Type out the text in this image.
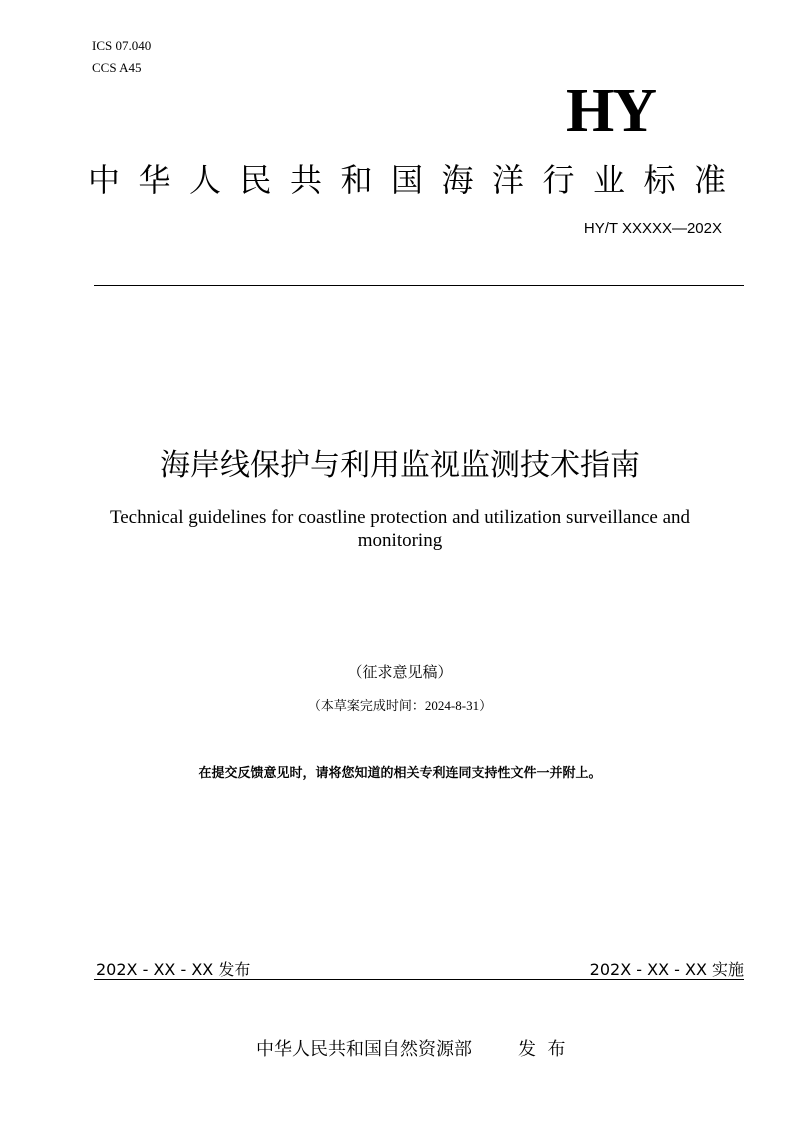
ICS 07.040
CCS A45
HY
中华人民共和国海洋行业标准
HY/T XXXXX—202X
海岸线保护与利用监视监测技术指南
Technical guidelines for coastline protection and utilization surveillance and
monitoring
（征求意见稿）
（本草案完成时间：2024-8-31）
在提交反馈意见时，请将您知道的相关专利连同支持性文件一并附上。
202X - XX - XX 发布	202X - XX - XX 实施
中华人民共和国自然资源部	发  布
